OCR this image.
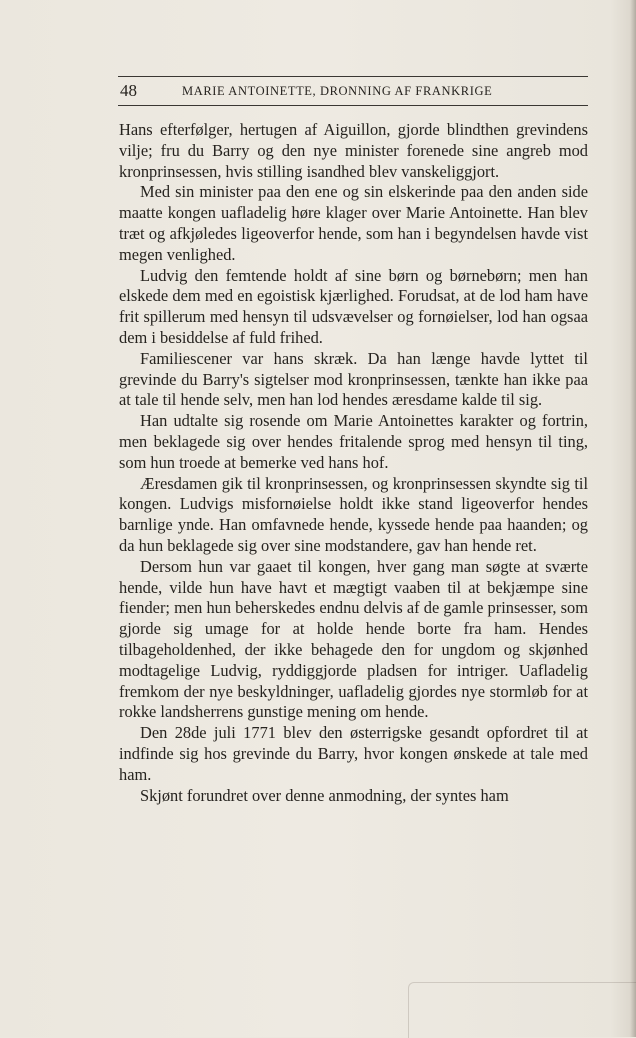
48	MARIE ANTOINETTE, DRONNING AF FRANKRIGE

Hans efterfølger, hertugen af Aiguillon, gjorde blindthen grevindens vilje; fru du Barry og den nye minister forenede sine angreb mod kronprinsessen, hvis stilling isandhed blev vanskeliggjort.

Med sin minister paa den ene og sin elskerinde paa den anden side maatte kongen uafladelig høre klager over Marie Antoinette. Han blev træt og afkjøledes ligeoverfor hende, som han i begyndelsen havde vist megen venlighed.

Ludvig den femtende holdt af sine børn og børnebørn; men han elskede dem med en egoistisk kjærlighed. Forudsat, at de lod ham have frit spillerum med hensyn til udsvævelser og fornøielser, lod han ogsaa dem i besiddelse af fuld frihed.

Familiescener var hans skræk. Da han længe havde lyttet til grevinde du Barry's sigtelser mod kronprinsessen, tænkte han ikke paa at tale til hende selv, men han lod hendes æresdame kalde til sig.

Han udtalte sig rosende om Marie Antoinettes karakter og fortrin, men beklagede sig over hendes fritalende sprog med hensyn til ting, som hun troede at bemerke ved hans hof.

Æresdamen gik til kronprinsessen, og kronprinsessen skyndte sig til kongen. Ludvigs misfornøielse holdt ikke stand ligeoverfor hendes barnlige ynde. Han omfavnede hende, kyssede hende paa haanden; og da hun beklagede sig over sine modstandere, gav han hende ret.

Dersom hun var gaaet til kongen, hver gang man søgte at sværte hende, vilde hun have havt et mægtigt vaaben til at bekjæmpe sine fiender; men hun beherskedes endnu delvis af de gamle prinsesser, som gjorde sig umage for at holde hende borte fra ham. Hendes tilbageholdenhed, der ikke behagede den for ungdom og skjønhed modtagelige Ludvig, ryddiggjorde pladsen for intriger. Uafladelig fremkom der nye beskyldninger, uafladelig gjordes nye stormløb for at rokke landsherrens gunstige mening om hende.

Den 28de juli 1771 blev den østerrigske gesandt opfordret til at indfinde sig hos grevinde du Barry, hvor kongen ønskede at tale med ham.

Skjønt forundret over denne anmodning, der syntes ham
